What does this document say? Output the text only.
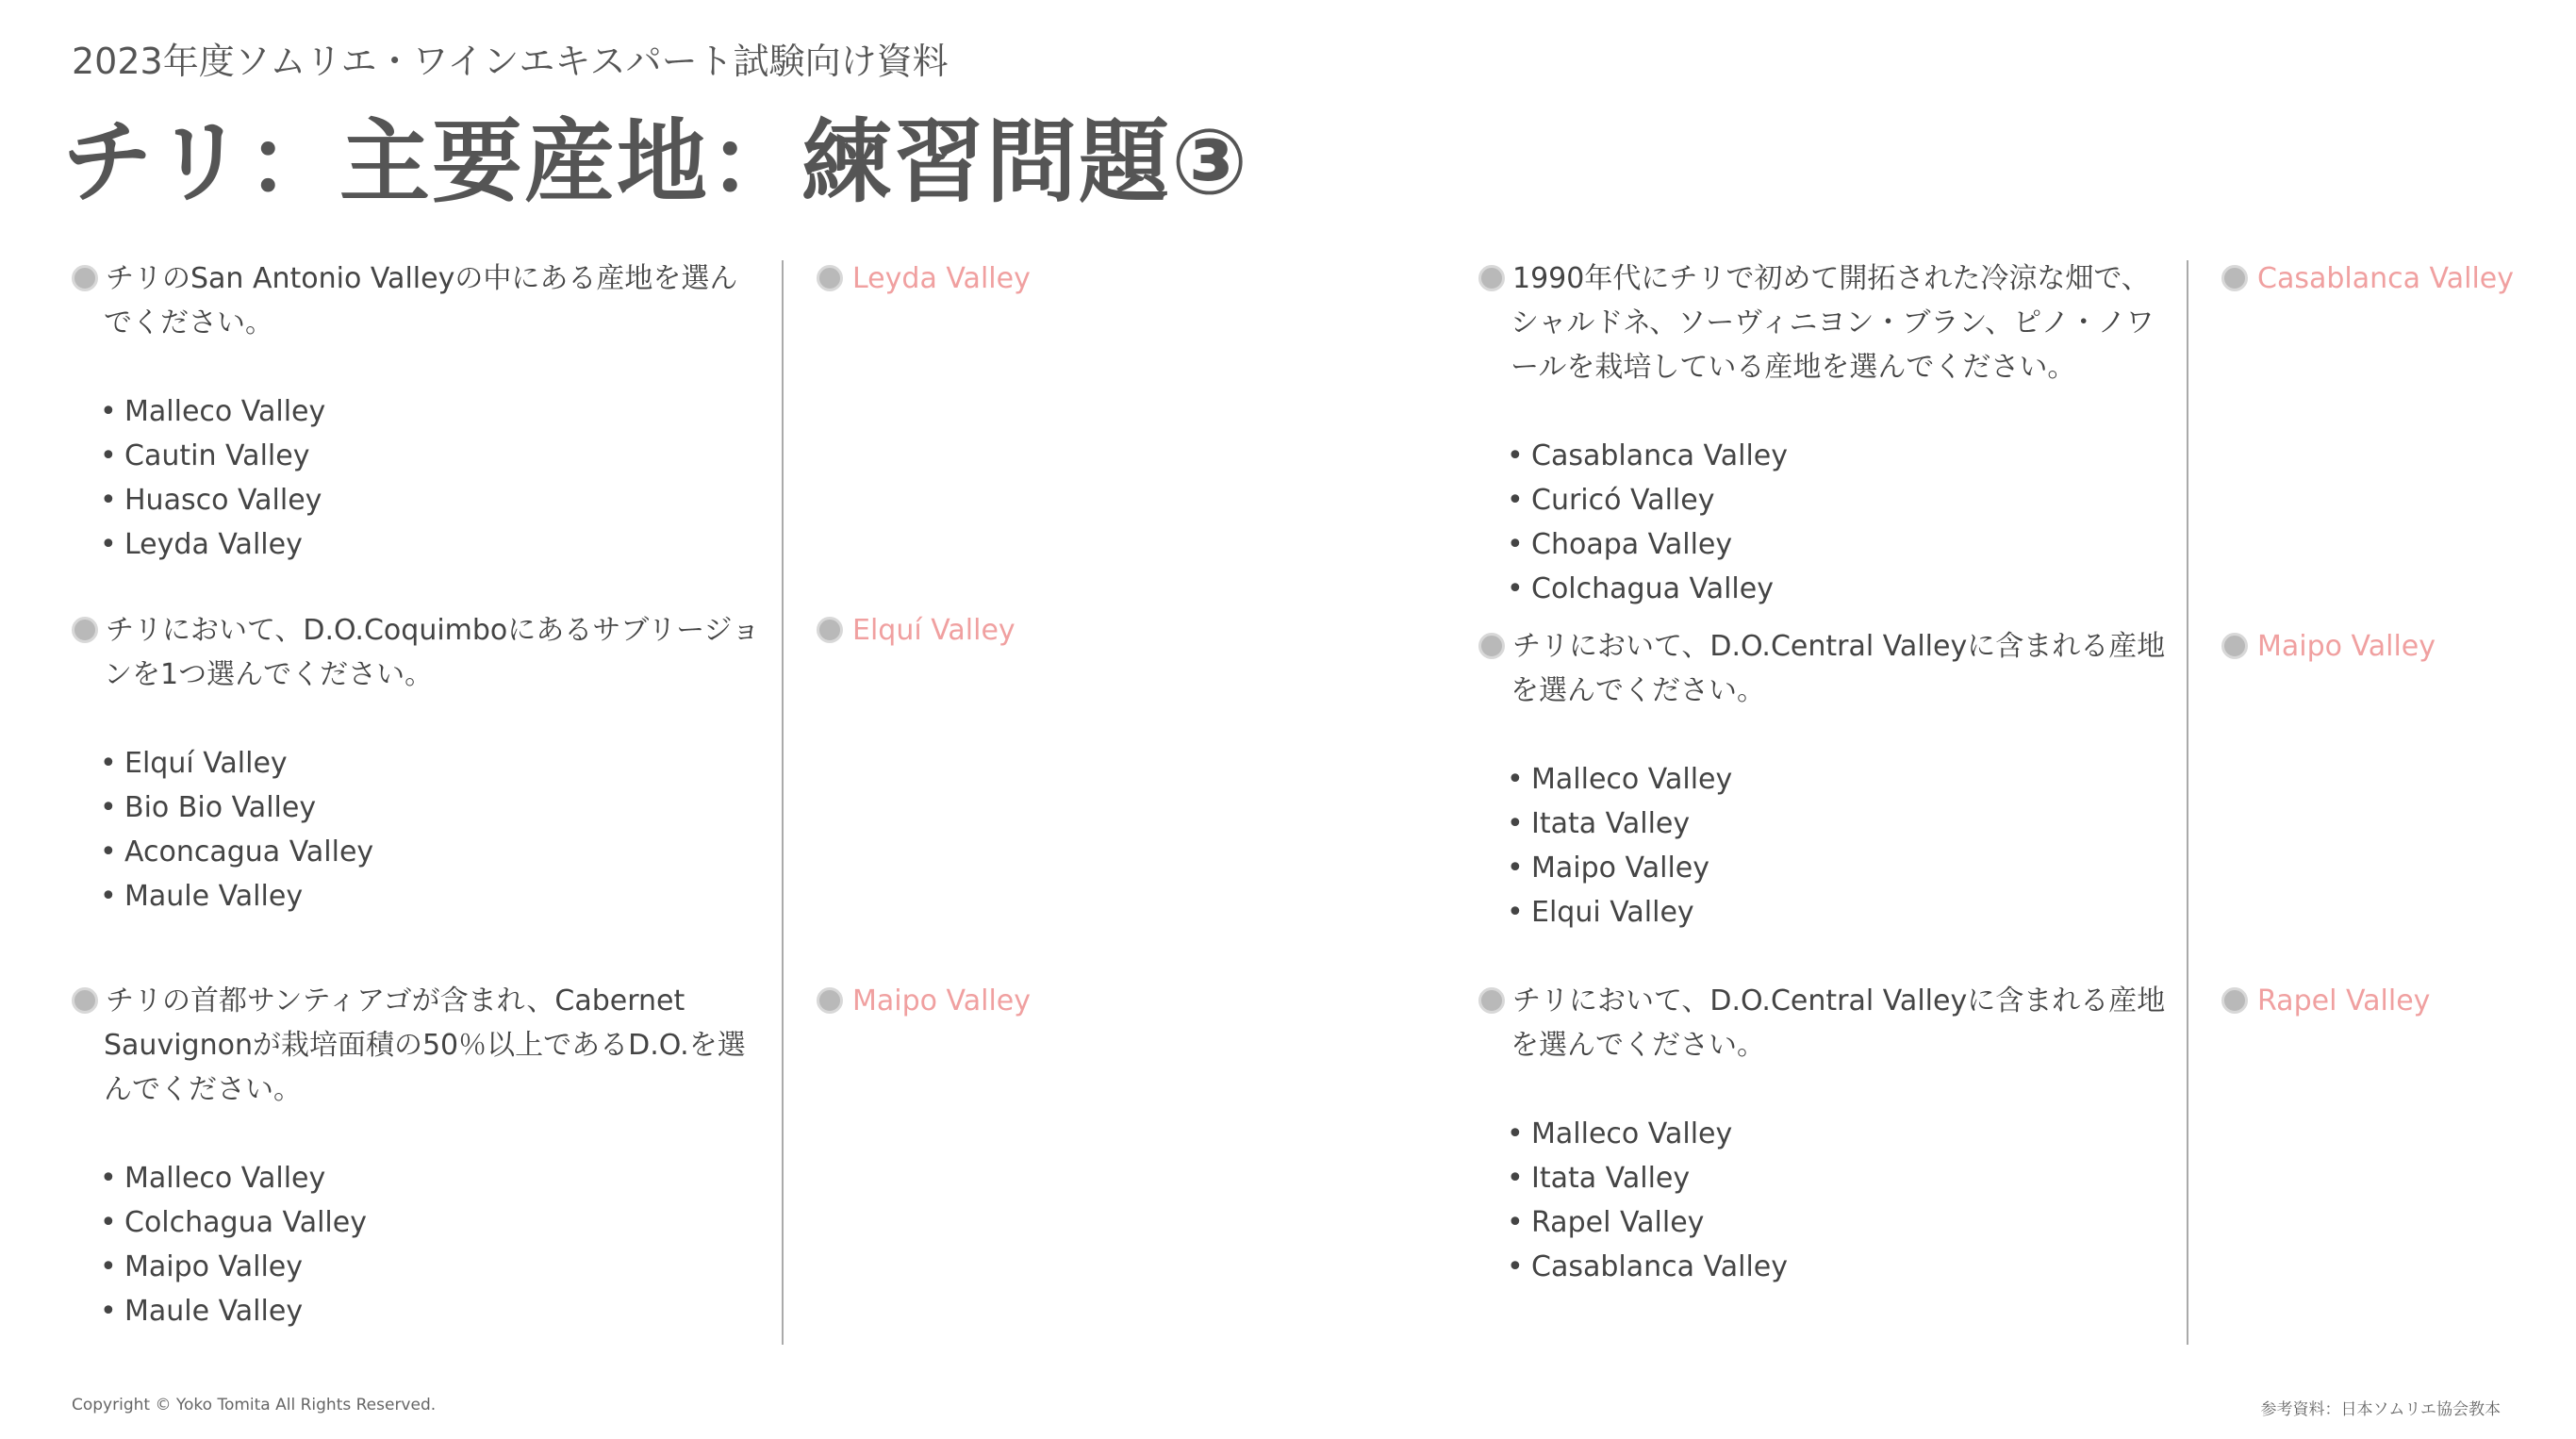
2023年度ソムリエ・ワインエキスパート試験向け資料
チリ：主要産地：練習問題③
チリのSan Antonio Valleyの中にある産地を選んでください。
• Malleco Valley
• Cautin Valley
• Huasco Valley
• Leyda Valley
Leyda Valley
チリにおいて、D.O.Coquimboにあるサブリージョンを1つ選んでください。
• Elquí Valley
• Bio Bio Valley
• Aconcagua Valley
• Maule Valley
Elquí Valley
チリの首都サンティアゴが含まれ、Cabernet Sauvignonが栽培面積の50％以上であるD.O.を選んでください。
• Malleco Valley
• Colchagua Valley
• Maipo Valley
• Maule Valley
Maipo Valley
1990年代にチリで初めて開拓された冷涼な畑で、シャルドネ、ソーヴィニヨン・ブラン、ピノ・ノワールを栽培している産地を選んでください。
• Casablanca Valley
• Curicó Valley
• Choapa Valley
• Colchagua Valley
Casablanca Valley
チリにおいて、D.O.Central Valleyに含まれる産地を選んでください。
• Malleco Valley
• Itata Valley
• Maipo Valley
• Elqui Valley
Maipo Valley
チリにおいて、D.O.Central Valleyに含まれる産地を選んでください。
• Malleco Valley
• Itata Valley
• Rapel Valley
• Casablanca Valley
Rapel Valley
Copyright © Yoko Tomita All Rights Reserved.	参考資料：日本ソムリエ協会教本
